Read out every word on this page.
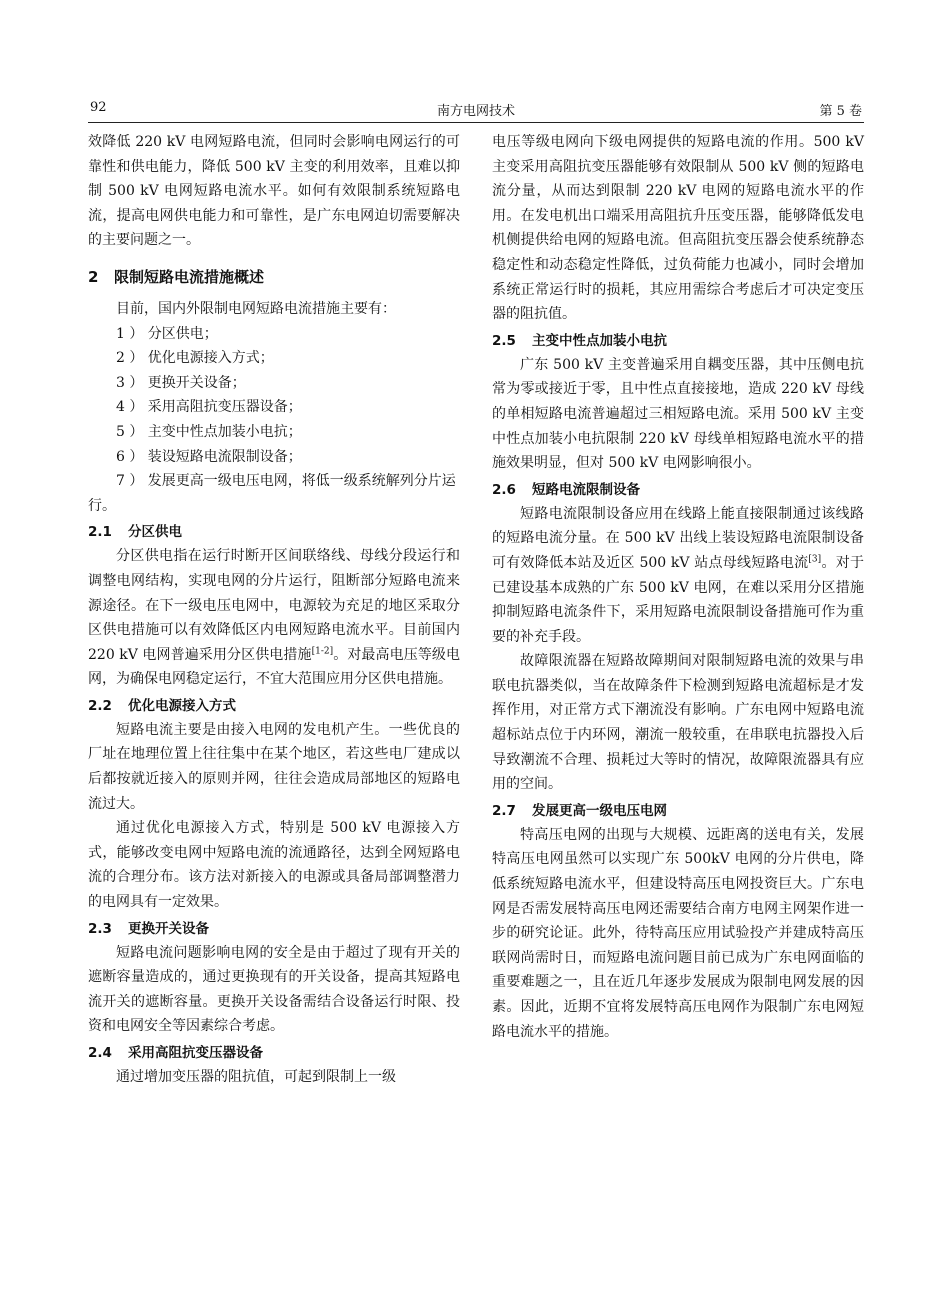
92	南方电网技术	第 5 卷

效降低 220 kV 电网短路电流，但同时会影响电网运行的可靠性和供电能力，降低 500 kV 主变的利用效率，且难以抑制 500 kV 电网短路电流水平。如何有效限制系统短路电流，提高电网供电能力和可靠性，是广东电网迫切需要解决的主要问题之一。

2 限制短路电流措施概述

目前，国内外限制电网短路电流措施主要有：

1 ） 分区供电；

2 ） 优化电源接入方式；

3 ） 更换开关设备；

4 ） 采用高阻抗变压器设备；

5 ） 主变中性点加装小电抗；

6 ） 装设短路电流限制设备；

7 ） 发展更高一级电压电网，将低一级系统解列分片运行。

2.1 分区供电

分区供电指在运行时断开区间联络线、母线分段运行和调整电网结构，实现电网的分片运行，阻断部分短路电流来源途径。在下一级电压电网中，电源较为充足的地区采取分区供电措施可以有效降低区内电网短路电流水平。目前国内 220 kV 电网普遍采用分区供电措施[1-2]。对最高电压等级电网，为确保电网稳定运行，不宜大范围应用分区供电措施。

2.2 优化电源接入方式

短路电流主要是由接入电网的发电机产生。一些优良的厂址在地理位置上往往集中在某个地区，若这些电厂建成以后都按就近接入的原则并网，往往会造成局部地区的短路电流过大。

通过优化电源接入方式，特别是 500 kV 电源接入方式，能够改变电网中短路电流的流通路径，达到全网短路电流的合理分布。该方法对新接入的电源或具备局部调整潜力的电网具有一定效果。

2.3 更换开关设备

短路电流问题影响电网的安全是由于超过了现有开关的遮断容量造成的，通过更换现有的开关设备，提高其短路电流开关的遮断容量。更换开关设备需结合设备运行时限、投资和电网安全等因素综合考虑。

2.4 采用高阻抗变压器设备

通过增加变压器的阻抗值，可起到限制上一级

电压等级电网向下级电网提供的短路电流的作用。500 kV 主变采用高阻抗变压器能够有效限制从 500 kV 侧的短路电流分量，从而达到限制 220 kV 电网的短路电流水平的作用。在发电机出口端采用高阻抗升压变压器，能够降低发电机侧提供给电网的短路电流。但高阻抗变压器会使系统静态稳定性和动态稳定性降低，过负荷能力也减小，同时会增加系统正常运行时的损耗，其应用需综合考虑后才可决定变压器的阻抗值。

2.5 主变中性点加装小电抗

广东 500 kV 主变普遍采用自耦变压器，其中压侧电抗常为零或接近于零，且中性点直接接地，造成 220 kV 母线的单相短路电流普遍超过三相短路电流。采用 500 kV 主变中性点加装小电抗限制 220 kV 母线单相短路电流水平的措施效果明显，但对 500 kV 电网影响很小。

2.6 短路电流限制设备

短路电流限制设备应用在线路上能直接限制通过该线路的短路电流分量。在 500 kV 出线上装设短路电流限制设备可有效降低本站及近区 500 kV 站点母线短路电流[3]。对于已建设基本成熟的广东 500 kV 电网，在难以采用分区措施抑制短路电流条件下，采用短路电流限制设备措施可作为重要的补充手段。

故障限流器在短路故障期间对限制短路电流的效果与串联电抗器类似，当在故障条件下检测到短路电流超标是才发挥作用，对正常方式下潮流没有影响。广东电网中短路电流超标站点位于内环网，潮流一般较重，在串联电抗器投入后导致潮流不合理、损耗过大等时的情况，故障限流器具有应用的空间。

2.7 发展更高一级电压电网

特高压电网的出现与大规模、远距离的送电有关，发展特高压电网虽然可以实现广东 500kV 电网的分片供电，降低系统短路电流水平，但建设特高压电网投资巨大。广东电网是否需发展特高压电网还需要结合南方电网主网架作进一步的研究论证。此外，待特高压应用试验投产并建成特高压联网尚需时日，而短路电流问题目前已成为广东电网面临的重要难题之一，且在近几年逐步发展成为限制电网发展的因素。因此，近期不宜将发展特高压电网作为限制广东电网短路电流水平的措施。
